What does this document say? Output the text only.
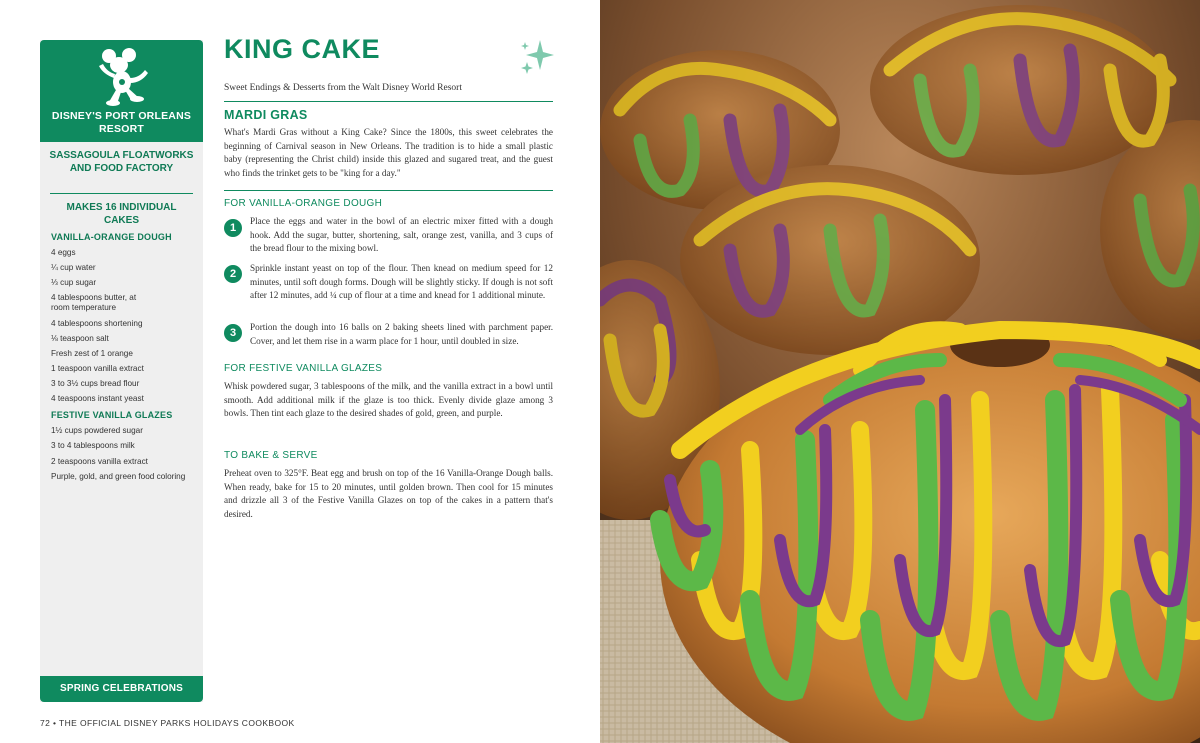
DISNEY'S PORT ORLEANS RESORT
SASSAGOULA FLOATWORKS AND FOOD FACTORY
MAKES 16 INDIVIDUAL CAKES
VANILLA-ORANGE DOUGH
4 eggs
¼ cup water
⅓ cup sugar
4 tablespoons butter, at room temperature
4 tablespoons shortening
⅛ teaspoon salt
Fresh zest of 1 orange
1 teaspoon vanilla extract
3 to 3½ cups bread flour
4 teaspoons instant yeast
FESTIVE VANILLA GLAZES
1½ cups powdered sugar
3 to 4 tablespoons milk
2 teaspoons vanilla extract
Purple, gold, and green food coloring
SPRING CELEBRATIONS
KING CAKE
Sweet Endings & Desserts from the Walt Disney World Resort
MARDI GRAS
What's Mardi Gras without a King Cake? Since the 1800s, this sweet celebrates the beginning of Carnival season in New Orleans. The tradition is to hide a small plastic baby (representing the Christ child) inside this glazed and sugared treat, and the guest who finds the trinket gets to be "king for a day."
FOR VANILLA-ORANGE DOUGH
1
Place the eggs and water in the bowl of an electric mixer fitted with a dough hook. Add the sugar, butter, shortening, salt, orange zest, vanilla, and 3 cups of the bread flour to the mixing bowl.
2	Sprinkle instant yeast on top of the flour. Then knead on medium speed for 12 minutes, until soft dough forms. Dough will be slightly sticky. If dough is not soft after 12 minutes, add ¼ cup of flour at a time and knead for 1 additional minute.
3	Portion the dough into 16 balls on 2 baking sheets lined with parchment paper. Cover, and let them rise in a warm place for 1 hour, until doubled in size.
FOR FESTIVE VANILLA GLAZES
Whisk powdered sugar, 3 tablespoons of the milk, and the vanilla extract in a bowl until smooth. Add additional milk if the glaze is too thick. Evenly divide glaze among 3 bowls. Then tint each glaze to the desired shades of gold, green, and purple.
TO BAKE & SERVE
Preheat oven to 325°F. Beat egg and brush on top of the 16 Vanilla-Orange Dough balls. When ready, bake for 15 to 20 minutes, until golden brown. Then cool for 15 minutes and drizzle all 3 of the Festive Vanilla Glazes on top of the cakes in a pattern that's desired.
72 • THE OFFICIAL DISNEY PARKS HOLIDAYS COOKBOOK
